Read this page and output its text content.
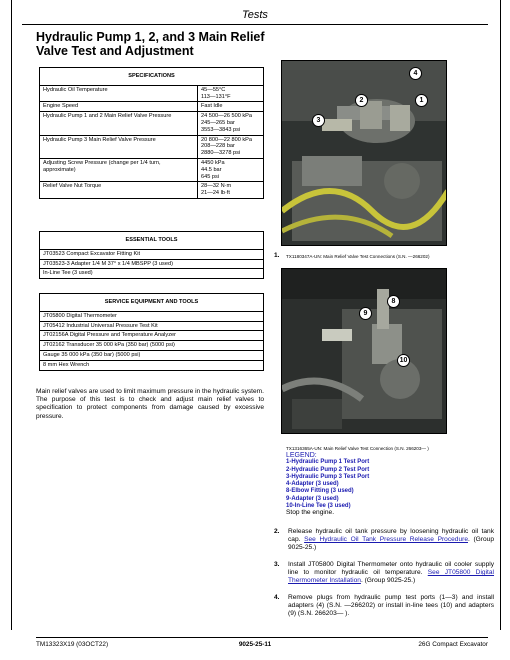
Tests
Hydraulic Pump 1, 2, and 3 Main Relief Valve Test and Adjustment
SPECIFICATIONS	
Hydraulic Oil Temperature	45—55°C
113—131°F

Engine Speed	Fast Idle

Hydraulic Pump 1 and 2 Main Relief Valve Pressure	24 500—26 500 kPa
245—265 bar
3553—3843 psi

Hydraulic Pump 3 Main Relief Valve Pressure	20 800—22 800 kPa
208—228 bar
2880—3278 psi

Adjusting Screw Pressure (change per 1/4 turn, approximate)	4450 kPa
44.5 bar
645 psi

Relief Valve Nut Torque	28—32 N·m
21—24 lb·ft
ESSENTIAL TOOLS
JT03523 Compact Excavator Fitting Kit
JT03523-3 Adapter 1/4 M 37° x 1/4 MBSPP (3 used)
In-Line Tee (3 used)
SERVICE EQUIPMENT AND TOOLS
JT05800 Digital Thermometer
JT05412 Industrial Universal Pressure Test Kit
JT02156A Digital Pressure and Temperature Analyzer
JT02162 Transducer 35 000 kPa (350 bar) (5000 psi)
Gauge 35 000 kPa (350 bar) (5000 psi)
8 mm Hex Wrench
Main relief valves are used to limit maximum pressure in the hydraulic system. The purpose of this test is to check and adjust main relief valves to specification to protect components from damage caused by excessive pressure.
4
2	1
3
1. TX1180347A-UN: Main Relief Valve Test Connections (S.N. —266202)
8
9
10
TX1316365A-UN: Main Relief Valve Test Connection (S.N. 266203— )
LEGEND:
1-Hydraulic Pump 1 Test Port
2-Hydraulic Pump 2 Test Port
3-Hydraulic Pump 3 Test Port
4-Adapter (3 used)
8-Elbow Fitting (3 used)
9-Adapter (3 used)
10-In-Line Tee (3 used)
Stop the engine.
2. Release hydraulic oil tank pressure by loosening hydraulic oil tank cap. See Hydraulic Oil Tank Pressure Release Procedure. (Group 9025-25.)
3. Install JT05800 Digital Thermometer onto hydraulic oil cooler supply line to monitor hydraulic oil temperature. See JT05800 Digital Thermometer Installation. (Group 9025-25.)
4. Remove plugs from hydraulic pump test ports (1—3) and install adapters (4) (S.N. —266202) or install in-line tees (10) and adapters (9) (S.N. 266203— ).
TM13323X19 (03OCT22)	9025-25-11	26G Compact Excavator
